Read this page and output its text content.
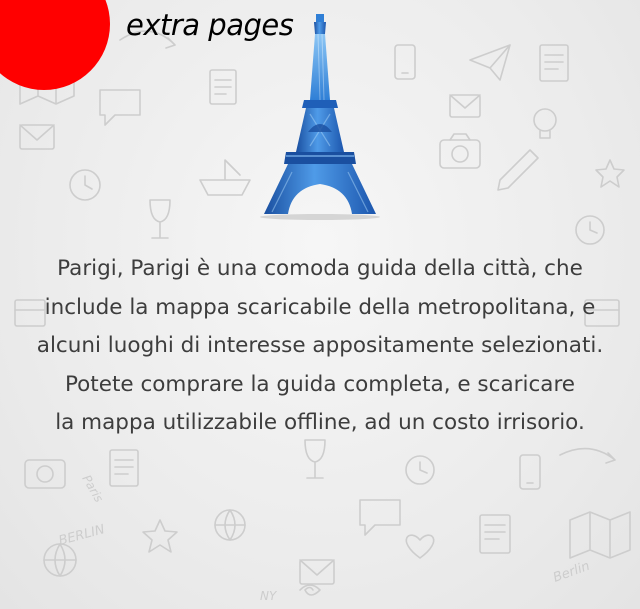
Paris
BERLIN
NY
Berlin
extra pages
Parigi, Parigi è una comoda guida della città, che
include la mappa scaricabile della metropolitana, e
alcuni luoghi di interesse appositamente selezionati.
Potete comprare la guida completa, e scaricare
la mappa utilizzabile offline, ad un costo irrisorio.
